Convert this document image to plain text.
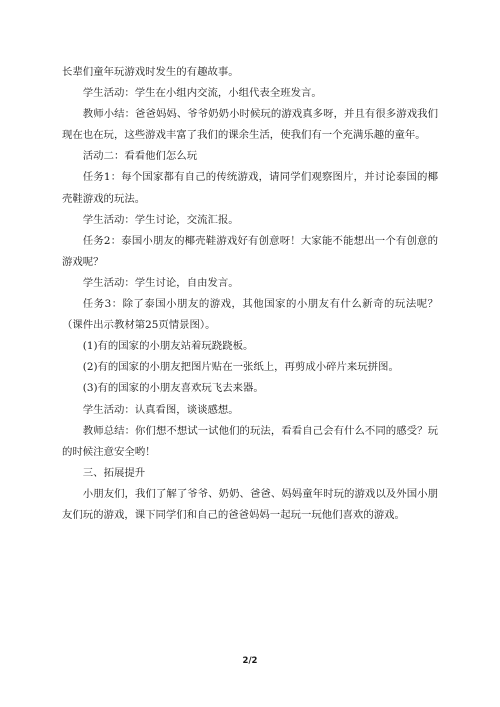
长辈们童年玩游戏时发生的有趣故事。

学生活动：学生在小组内交流，小组代表全班发言。

教师小结：爸爸妈妈、爷爷奶奶小时候玩的游戏真多呀，并且有很多游戏我们现在也在玩，这些游戏丰富了我们的课余生活，使我们有一个充满乐趣的童年。

活动二：看看他们怎么玩

任务1：每个国家都有自己的传统游戏，请同学们观察图片，并讨论泰国的椰壳鞋游戏的玩法。

学生活动：学生讨论，交流汇报。

任务2：泰国小朋友的椰壳鞋游戏好有创意呀！大家能不能想出一个有创意的游戏呢？

学生活动：学生讨论，自由发言。

任务3：除了泰国小朋友的游戏，其他国家的小朋友有什么新奇的玩法呢？（课件出示教材第25页情景图）。

(1)有的国家的小朋友站着玩跷跷板。

(2)有的国家的小朋友把图片贴在一张纸上，再剪成小碎片来玩拼图。

(3)有的国家的小朋友喜欢玩飞去来器。

学生活动：认真看图，谈谈感想。

教师总结：你们想不想试一试他们的玩法，看看自己会有什么不同的感受？玩的时候注意安全哟！

三、拓展提升

小朋友们，我们了解了爷爷、奶奶、爸爸、妈妈童年时玩的游戏以及外国小朋友们玩的游戏，课下同学们和自己的爸爸妈妈一起玩一玩他们喜欢的游戏。

2/2
